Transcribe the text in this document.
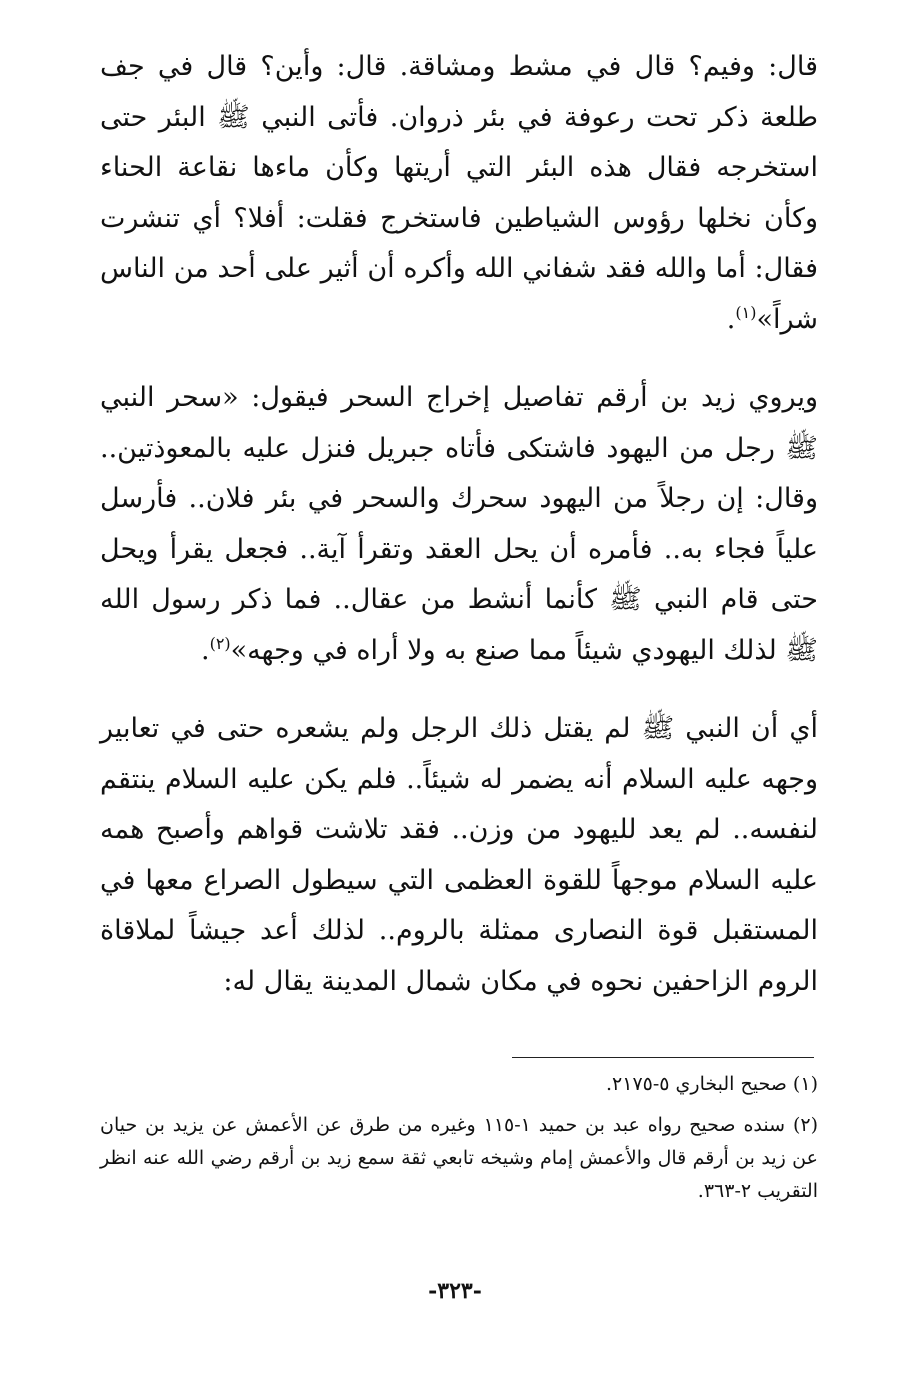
قال: وفيم؟ قال في مشط ومشاقة. قال: وأين؟ قال في جف طلعة ذكر تحت رعوفة في بئر ذروان. فأتى النبي ﷺ البئر حتى استخرجه فقال هذه البئر التي أريتها وكأن ماءها نقاعة الحناء وكأن نخلها رؤوس الشياطين فاستخرج فقلت: أفلا؟ أي تنشرت فقال: أما والله فقد شفاني الله وأكره أن أثير على أحد من الناس شراً»$^{(١)}$.

ويروي زيد بن أرقم تفاصيل إخراج السحر فيقول: «سحر النبي ﷺ رجل من اليهود فاشتكى فأتاه جبريل فنزل عليه بالمعوذتين.. وقال: إن رجلاً من اليهود سحرك والسحر في بئر فلان.. فأرسل علياً فجاء به.. فأمره أن يحل العقد وتقرأ آية.. فجعل يقرأ ويحل حتى قام النبي ﷺ كأنما أنشط من عقال.. فما ذكر رسول الله ﷺ لذلك اليهودي شيئاً مما صنع به ولا أراه في وجهه»$^{(٢)}$.

أي أن النبي ﷺ لم يقتل ذلك الرجل ولم يشعره حتى في تعابير وجهه عليه السلام أنه يضمر له شيئاً.. فلم يكن عليه السلام ينتقم لنفسه.. لم يعد لليهود من وزن.. فقد تلاشت قواهم وأصبح همه عليه السلام موجهاً للقوة العظمى التي سيطول الصراع معها في المستقبل قوة النصارى ممثلة بالروم.. لذلك أعد جيشاً لملاقاة الروم الزاحفين نحوه في مكان شمال المدينة يقال له:

(١) صحيح البخاري ٥-٢١٧٥.

(٢) سنده صحيح رواه عبد بن حميد ١-١١٥ وغيره من طرق عن الأعمش عن يزيد بن حيان عن زيد بن أرقم قال والأعمش إمام وشيخه تابعي ثقة سمع زيد بن أرقم رضي الله عنه انظر التقريب ٢-٣٦٣.

-٣٢٣-
